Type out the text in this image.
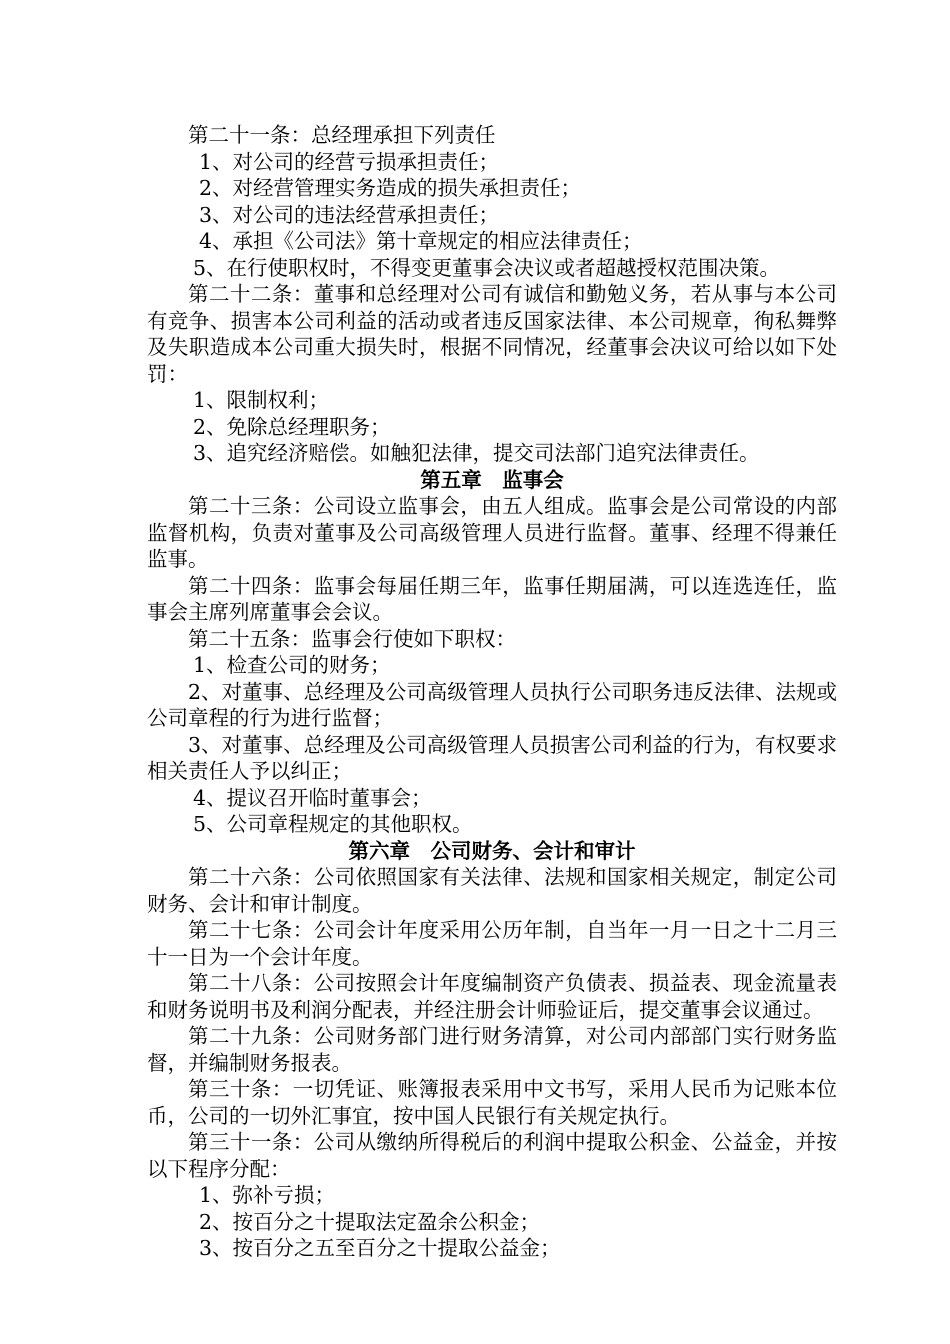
第二十一条：总经理承担下列责任

1、对公司的经营亏损承担责任；

2、对经营管理实务造成的损失承担责任；

3、对公司的违法经营承担责任；

4、承担《公司法》第十章规定的相应法律责任；

5、在行使职权时，不得变更董事会决议或者超越授权范围决策。

第二十二条：董事和总经理对公司有诚信和勤勉义务，若从事与本公司有竞争、损害本公司利益的活动或者违反国家法律、本公司规章，徇私舞弊及失职造成本公司重大损失时，根据不同情况，经董事会决议可给以如下处罚：

1、限制权利；

2、免除总经理职务；

3、追究经济赔偿。如触犯法律，提交司法部门追究法律责任。

第五章　监事会

第二十三条：公司设立监事会，由五人组成。监事会是公司常设的内部监督机构，负责对董事及公司高级管理人员进行监督。董事、经理不得兼任监事。

第二十四条：监事会每届任期三年，监事任期届满，可以连选连任，监事会主席列席董事会会议。

第二十五条：监事会行使如下职权：

1、检查公司的财务；

2、对董事、总经理及公司高级管理人员执行公司职务违反法律、法规或公司章程的行为进行监督；

3、对董事、总经理及公司高级管理人员损害公司利益的行为，有权要求相关责任人予以纠正；

4、提议召开临时董事会；

5、公司章程规定的其他职权。

第六章　公司财务、会计和审计

第二十六条：公司依照国家有关法律、法规和国家相关规定，制定公司财务、会计和审计制度。

第二十七条：公司会计年度采用公历年制，自当年一月一日之十二月三十一日为一个会计年度。

第二十八条：公司按照会计年度编制资产负债表、损益表、现金流量表和财务说明书及利润分配表，并经注册会计师验证后，提交董事会议通过。

第二十九条：公司财务部门进行财务清算，对公司内部部门实行财务监督，并编制财务报表。

第三十条：一切凭证、账簿报表采用中文书写，采用人民币为记账本位币，公司的一切外汇事宜，按中国人民银行有关规定执行。

第三十一条：公司从缴纳所得税后的利润中提取公积金、公益金，并按以下程序分配：

1、弥补亏损；

2、按百分之十提取法定盈余公积金；

3、按百分之五至百分之十提取公益金；
